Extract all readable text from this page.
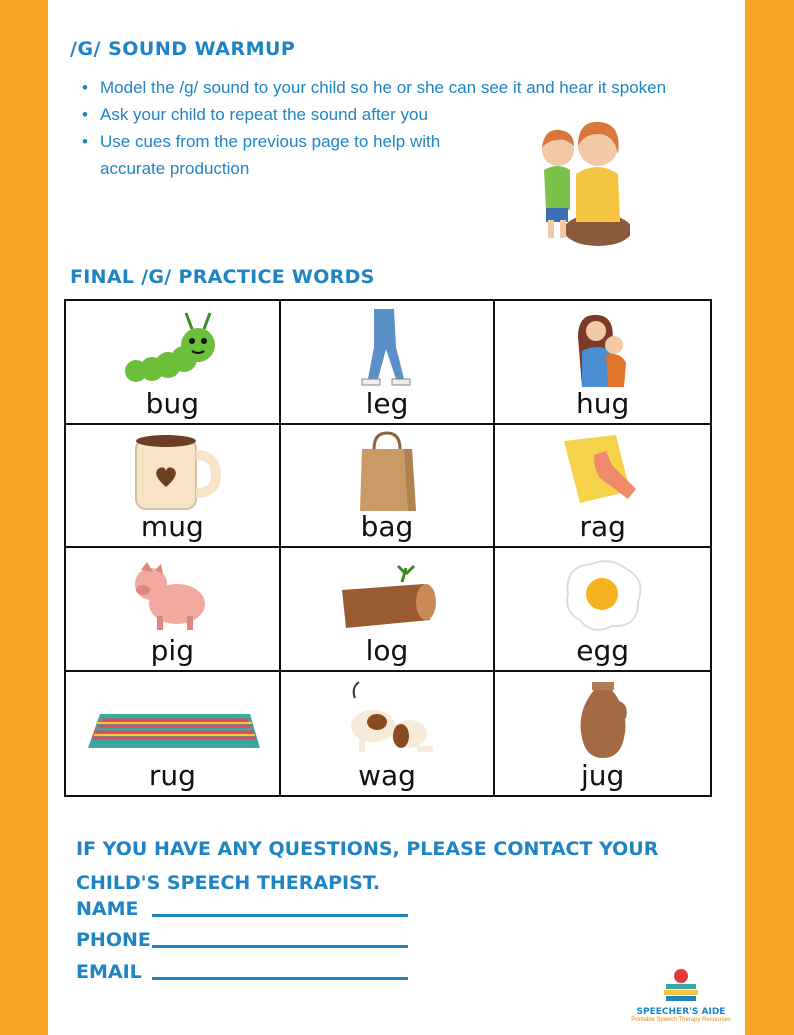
/G/ SOUND WARMUP
• Model the /g/ sound to your child so he or she can see it and hear it spoken
• Ask your child to repeat the sound after you
• Use cues from the previous page to help with accurate production
FINAL /G/ PRACTICE WORDS
bug	leg	hug
mug	bag	rag
pig	log	egg
rug	wag	jug
IF YOU HAVE ANY QUESTIONS, PLEASE CONTACT YOUR CHILD'S SPEECH THERAPIST.
NAME
PHONE
EMAIL
SPEECHER'S AIDE
Printable Speech Therapy Resources
